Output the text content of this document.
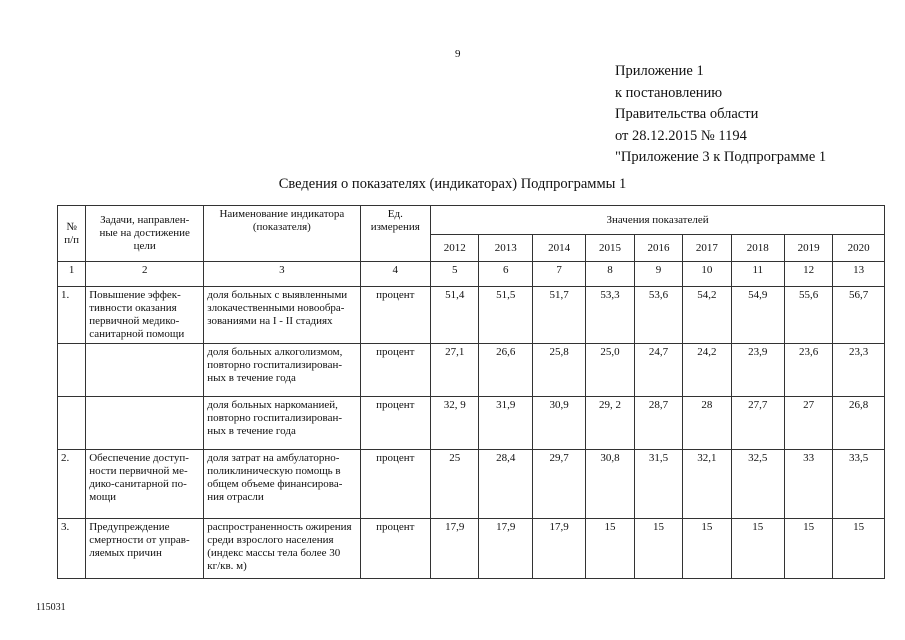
9
Приложение 1
к постановлению
Правительства области
от 28.12.2015 № 1194
"Приложение 3 к Подпрограмме 1
Сведения о показателях (индикаторах) Подпрограммы 1
№
п/п	Задачи, направлен-
ные на достижение
цели	Наименование индикатора
(показателя)	Ед.
измерения	Значения показателей								
				2012	2013	2014	2015	2016	2017	2018	2019	2020
1	2	3	4	5	6	7	8	9	10	11	12	13
1.	Повышение эффек-
тивности оказания
первичной медико-
санитарной помощи	доля больных с выявленными
злокачественными новообра-
зованиями на I - II стадиях	процент	51,4	51,5	51,7	53,3	53,6	54,2	54,9	55,6	56,7
		доля больных алкоголизмом,
повторно госпитализирован-
ных в течение года	процент	27,1	26,6	25,8	25,0	24,7	24,2	23,9	23,6	23,3
		доля больных наркоманией,
повторно госпитализирован-
ных в течение года	процент	32, 9	31,9	30,9	29, 2	28,7	28	27,7	27	26,8
2.	Обеспечение доступ-
ности первичной ме-
дико-санитарной по-
мощи	доля затрат на амбулаторно-
поликлиническую помощь в
общем объеме финансирова-
ния отрасли	процент	25	28,4	29,7	30,8	31,5	32,1	32,5	33	33,5
3.	Предупреждение
смертности от управ-
ляемых причин	распространенность ожирения
среди взрослого населения
(индекс массы тела более 30
кг/кв. м)	процент	17,9	17,9	17,9	15	15	15	15	15	15
115031
